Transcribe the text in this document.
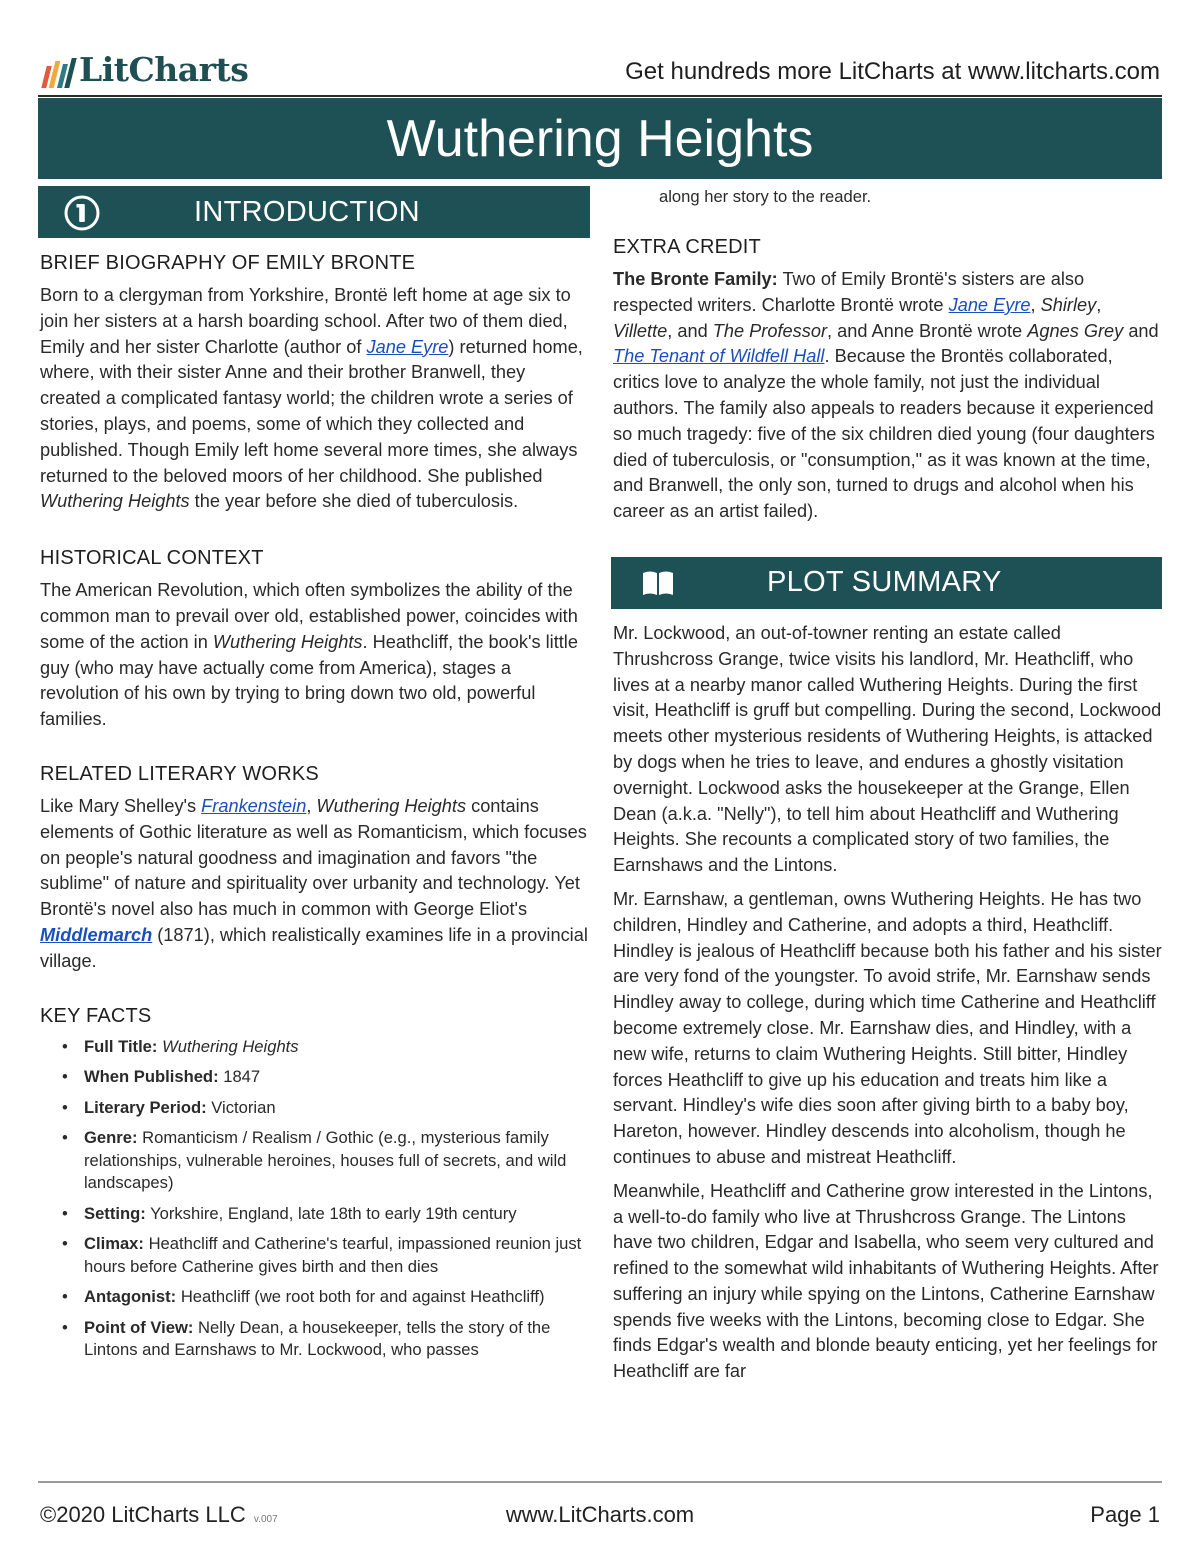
LitCharts	Get hundreds more LitCharts at www.litcharts.com
Wuthering Heights
INTRODUCTION
BRIEF BIOGRAPHY OF EMILY BRONTE

Born to a clergyman from Yorkshire, Brontë left home at age six to join her sisters at a harsh boarding school. After two of them died, Emily and her sister Charlotte (author of Jane Eyre) returned home, where, with their sister Anne and their brother Branwell, they created a complicated fantasy world; the children wrote a series of stories, plays, and poems, some of which they collected and published. Though Emily left home several more times, she always returned to the beloved moors of her childhood. She published Wuthering Heights the year before she died of tuberculosis.

HISTORICAL CONTEXT

The American Revolution, which often symbolizes the ability of the common man to prevail over old, established power, coincides with some of the action in Wuthering Heights. Heathcliff, the book's little guy (who may have actually come from America), stages a revolution of his own by trying to bring down two old, powerful families.

RELATED LITERARY WORKS

Like Mary Shelley's Frankenstein, Wuthering Heights contains elements of Gothic literature as well as Romanticism, which focuses on people's natural goodness and imagination and favors "the sublime" of nature and spirituality over urbanity and technology. Yet Brontë's novel also has much in common with George Eliot's Middlemarch (1871), which realistically examines life in a provincial village.

KEY FACTS
• Full Title: Wuthering Heights
• When Published: 1847
• Literary Period: Victorian
• Genre: Romanticism / Realism / Gothic (e.g., mysterious family relationships, vulnerable heroines, houses full of secrets, and wild landscapes)
• Setting: Yorkshire, England, late 18th to early 19th century
• Climax: Heathcliff and Catherine's tearful, impassioned reunion just hours before Catherine gives birth and then dies
• Antagonist: Heathcliff (we root both for and against Heathcliff)
• Point of View: Nelly Dean, a housekeeper, tells the story of the Lintons and Earnshaws to Mr. Lockwood, who passes
along her story to the reader.
EXTRA CREDIT

The Bronte Family: Two of Emily Brontë's sisters are also respected writers. Charlotte Brontë wrote Jane Eyre, Shirley, Villette, and The Professor, and Anne Brontë wrote Agnes Grey and The Tenant of Wildfell Hall. Because the Brontës collaborated, critics love to analyze the whole family, not just the individual authors. The family also appeals to readers because it experienced so much tragedy: five of the six children died young (four daughters died of tuberculosis, or "consumption," as it was known at the time, and Branwell, the only son, turned to drugs and alcohol when his career as an artist failed).

PLOT SUMMARY

Mr. Lockwood, an out-of-towner renting an estate called Thrushcross Grange, twice visits his landlord, Mr. Heathcliff, who lives at a nearby manor called Wuthering Heights. During the first visit, Heathcliff is gruff but compelling. During the second, Lockwood meets other mysterious residents of Wuthering Heights, is attacked by dogs when he tries to leave, and endures a ghostly visitation overnight. Lockwood asks the housekeeper at the Grange, Ellen Dean (a.k.a. "Nelly"), to tell him about Heathcliff and Wuthering Heights. She recounts a complicated story of two families, the Earnshaws and the Lintons.

Mr. Earnshaw, a gentleman, owns Wuthering Heights. He has two children, Hindley and Catherine, and adopts a third, Heathcliff. Hindley is jealous of Heathcliff because both his father and his sister are very fond of the youngster. To avoid strife, Mr. Earnshaw sends Hindley away to college, during which time Catherine and Heathcliff become extremely close. Mr. Earnshaw dies, and Hindley, with a new wife, returns to claim Wuthering Heights. Still bitter, Hindley forces Heathcliff to give up his education and treats him like a servant. Hindley's wife dies soon after giving birth to a baby boy, Hareton, however. Hindley descends into alcoholism, though he continues to abuse and mistreat Heathcliff.

Meanwhile, Heathcliff and Catherine grow interested in the Lintons, a well-to-do family who live at Thrushcross Grange. The Lintons have two children, Edgar and Isabella, who seem very cultured and refined to the somewhat wild inhabitants of Wuthering Heights. After suffering an injury while spying on the Lintons, Catherine Earnshaw spends five weeks with the Lintons, becoming close to Edgar. She finds Edgar's wealth and blonde beauty enticing, yet her feelings for Heathcliff are far

©2020 LitCharts LLC v.007	www.LitCharts.com	Page 1
